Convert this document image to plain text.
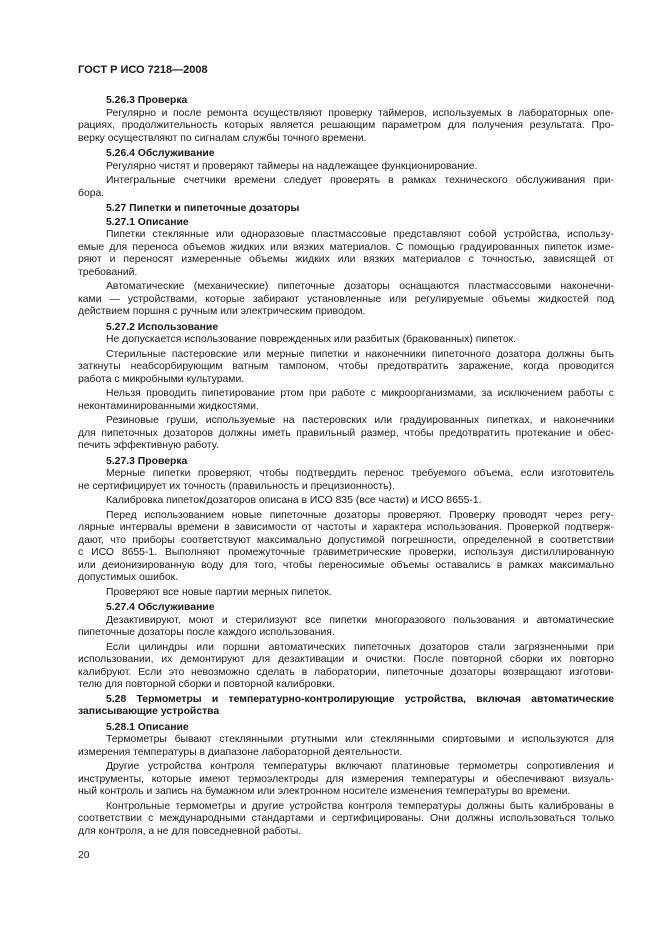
ГОСТ Р ИСО 7218—2008
5.26.3 Проверка
Регулярно и после ремонта осуществляют проверку таймеров, используемых в лабораторных опе-
рациях, продолжительность которых является решающим параметром для получения результата. Про-
верку осуществляют по сигналам службы точного времени.
5.26.4 Обслуживание
Регулярно чистят и проверяют таймеры на надлежащее функционирование.
Интегральные счетчики времени следует проверять в рамках технического обслуживания при-
бора.
5.27 Пипетки и пипеточные дозаторы
5.27.1 Описание
Пипетки стеклянные или одноразовые пластмассовые представляют собой устройства, использу-
емые для переноса объемов жидких или вязких материалов. С помощью градуированных пипеток изме-
ряют и переносят измеренные объемы жидких или вязких материалов с точностью, зависящей от
требований.
Автоматические (механические) пипеточные дозаторы оснащаются пластмассовыми наконечни-
ками — устройствами, которые забирают установленные или регулируемые объемы жидкостей под
действием поршня с ручным или электрическим приводом.
5.27.2 Использование
Не допускается использование поврежденных или разбитых (бракованных) пипеток.
Стерильные пастеровские или мерные пипетки и наконечники пипеточного дозатора должны быть
заткнуты неабсорбирующим ватным тампоном, чтобы предотвратить заражение, когда проводится
работа с микробными культурами.
Нельзя проводить пипетирование ртом при работе с микроорганизмами, за исключением работы с
неконтаминированными жидкостями.
Резиновые груши, используемые на пастеровских или градуированных пипетках, и наконечники
для пипеточных дозаторов должны иметь правильный размер, чтобы предотвратить протекание и обес-
печить эффективную работу.
5.27.3 Проверка
Мерные пипетки проверяют, чтобы подтвердить перенос требуемого объема, если изготовитель
не сертифицирует их точность (правильность и прецизионность).
Калибровка пипеток/дозаторов описана в ИСО 835 (все части) и ИСО 8655-1.
Перед использованием новые пипеточные дозаторы проверяют. Проверку проводят через регу-
лярные интервалы времени в зависимости от частоты и характера использования. Проверкой подтверж-
дают, что приборы соответствуют максимально допустимой погрешности, определенной в соответствии
с ИСО 8655-1. Выполняют промежуточные гравиметрические проверки, используя дистиллированную
или деионизированную воду для того, чтобы переносимые объемы оставались в рамках максимально
допустимых ошибок.
Проверяют все новые партии мерных пипеток.
5.27.4 Обслуживание
Дезактивируют, моют и стерилизуют все пипетки многоразового пользования и автоматические
пипеточные дозаторы после каждого использования.
Если цилиндры или поршни автоматических пипеточных дозаторов стали загрязненными при
использовании, их демонтируют для дезактивации и очистки. После повторной сборки их повторно
калибруют. Если это невозможно сделать в лаборатории, пипеточные дозаторы возвращают изготови-
телю для повторной сборки и повторной калибровки.
5.28 Термометры и температурно-контролирующие устройства, включая автоматические
записывающие устройства
5.28.1 Описание
Термометры бывают стеклянными ртутными или стеклянными спиртовыми и используются для
измерения температуры в диапазоне лабораторной деятельности.
Другие устройства контроля температуры включают платиновые термометры сопротивления и
инструменты, которые имеют термоэлектроды для измерения температуры и обеспечивают визуаль-
ный контроль и запись на бумажном или электронном носителе изменения температуры во времени.
Контрольные термометры и другие устройства контроля температуры должны быть калиброваны в
соответствии с международными стандартами и сертифицированы. Они должны использоваться только
для контроля, а не для повседневной работы.
20
